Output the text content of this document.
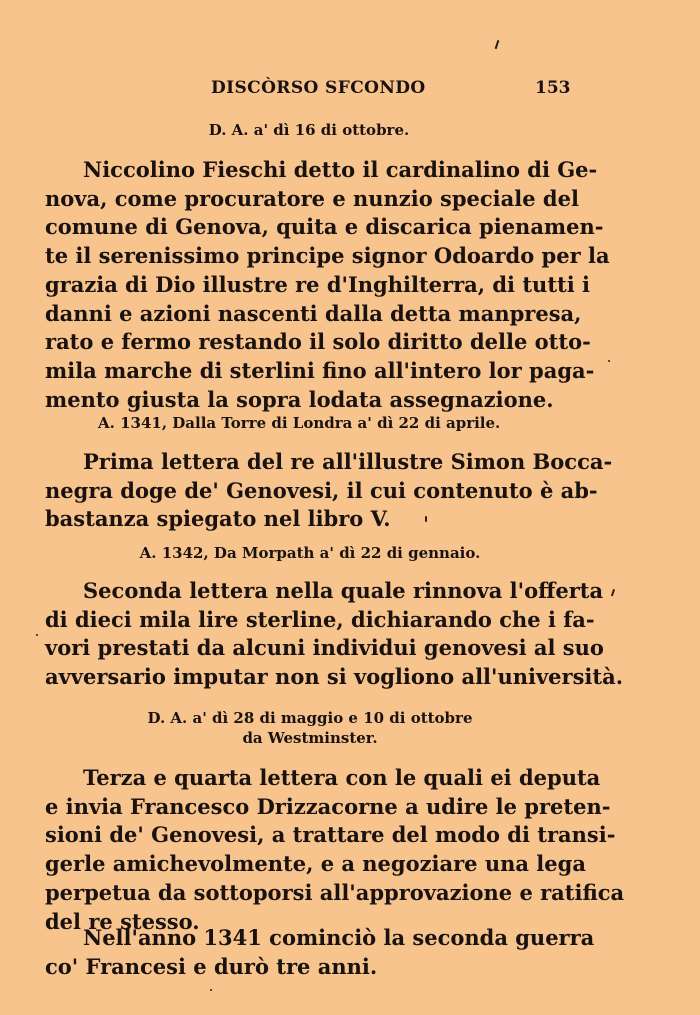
DISCÒRSO SFCONDO	153
D. A. a' dì 16 di ottobre.
Niccolino Fieschi detto il cardinalino di Ge-
nova, come procuratore e nunzio speciale del
comune di Genova, quita e discarica pienamen-
te il serenissimo principe signor Odoardo per la
grazia di Dio illustre re d'Inghilterra, di tutti i
danni e azioni nascenti dalla detta manpresa,
rato e fermo restando il solo diritto delle otto-
mila marche di sterlini fino all'intero lor paga-
mento giusta la sopra lodata assegnazione.
A. 1341, Dalla Torre di Londra a' dì 22 di aprile.
Prima lettera del re all'illustre Simon Bocca-
negra doge de' Genovesi, il cui contenuto è ab-
bastanza spiegato nel libro V.
A. 1342, Da Morpath a' dì 22 di gennaio.
Seconda lettera nella quale rinnova l'offerta
di dieci mila lire sterline, dichiarando che i fa-
vori prestati da alcuni individui genovesi al suo
avversario imputar non si vogliono all'università.
D. A. a' dì 28 di maggio e 10 di ottobre
da Westminster.
Terza e quarta lettera con le quali ei deputa
e invia Francesco Drizzacorne a udire le preten-
sioni de' Genovesi, a trattare del modo di transi-
gerle amichevolmente, e a negoziare una lega
perpetua da sottoporsi all'approvazione e ratifica
del re stesso.
Nell'anno 1341 cominciò la seconda guerra
co' Francesi e durò tre anni.
